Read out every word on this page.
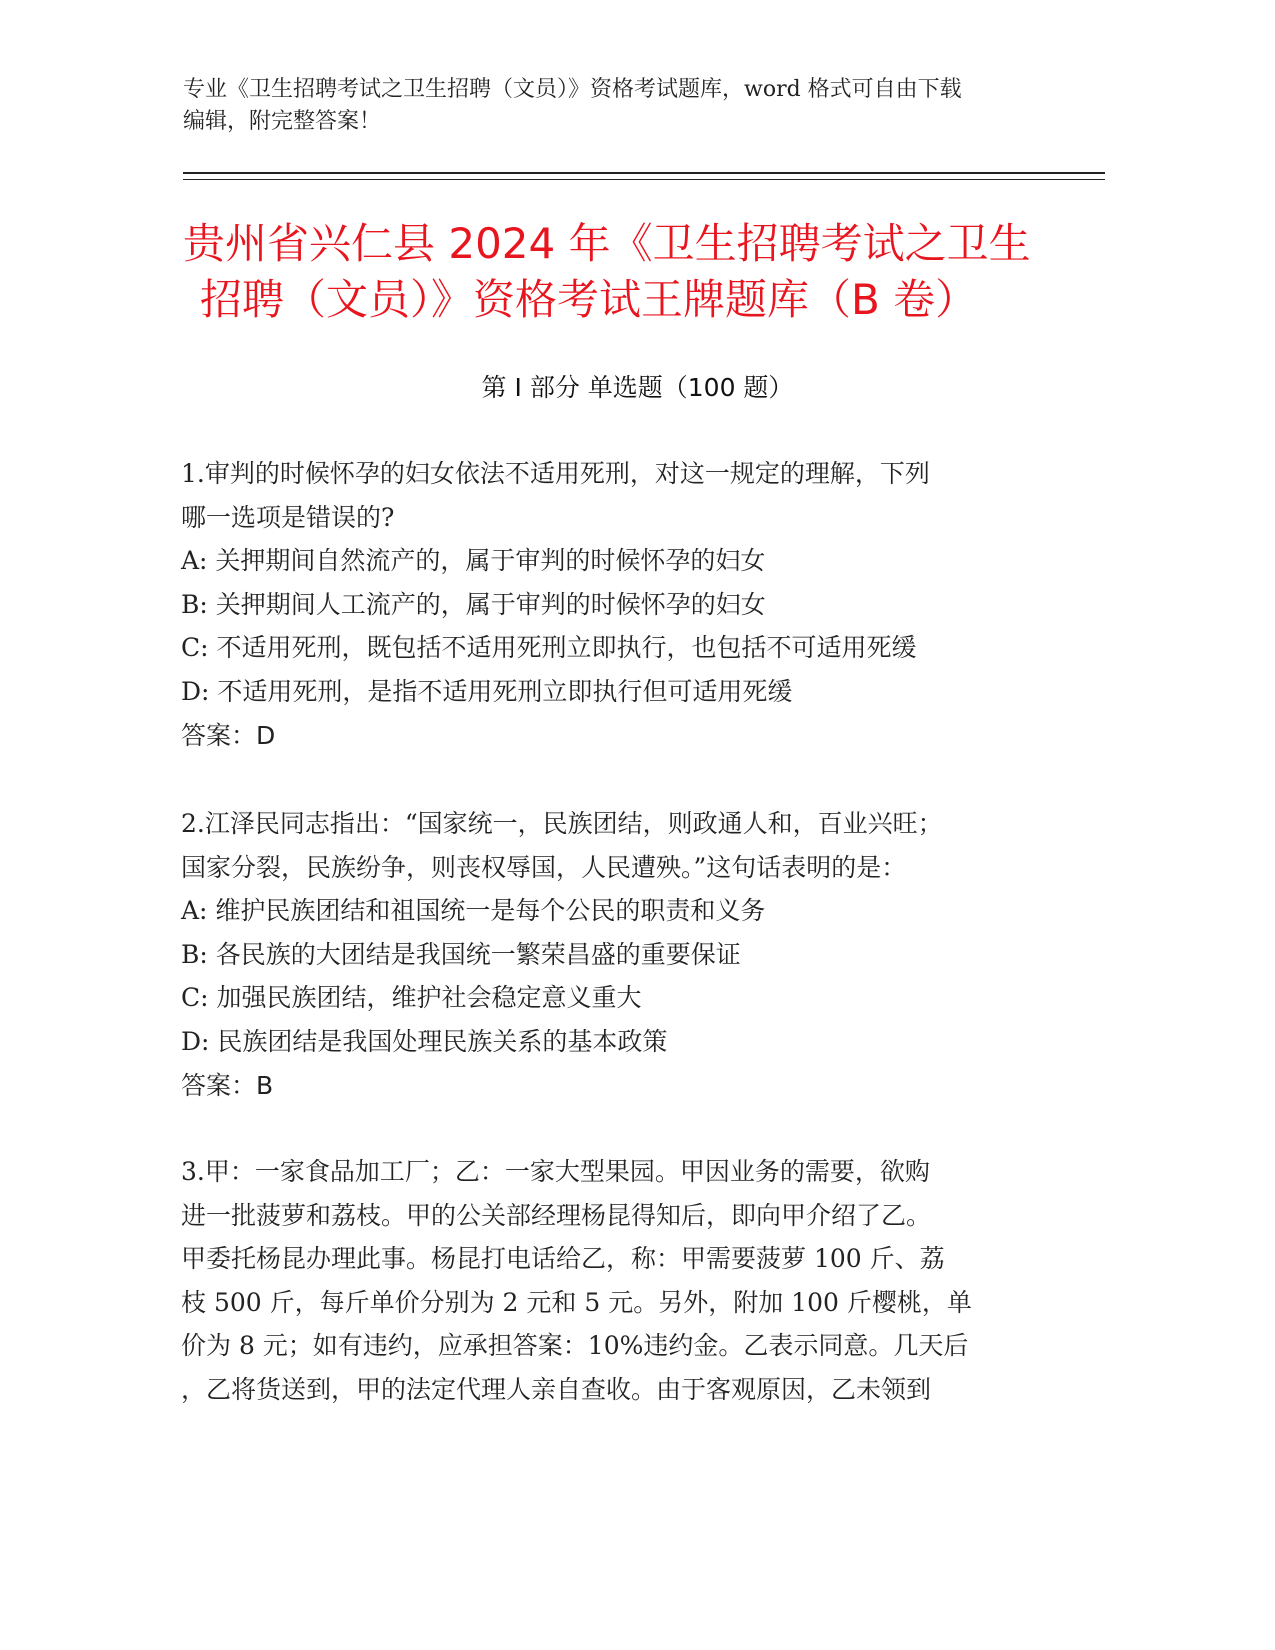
专业《卫生招聘考试之卫生招聘（文员）》资格考试题库，word 格式可自由下载
编辑，附完整答案！
贵州省兴仁县 2024 年《卫生招聘考试之卫生
招聘（文员）》资格考试王牌题库（B 卷）
第 I 部分 单选题（100 题）
1.审判的时候怀孕的妇女依法不适用死刑，对这一规定的理解，下列
哪一选项是错误的?
A: 关押期间自然流产的，属于审判的时候怀孕的妇女
B: 关押期间人工流产的，属于审判的时候怀孕的妇女
C: 不适用死刑，既包括不适用死刑立即执行，也包括不可适用死缓
D: 不适用死刑，是指不适用死刑立即执行但可适用死缓
答案：D
2.江泽民同志指出：“国家统一，民族团结，则政通人和，百业兴旺；
国家分裂，民族纷争，则丧权辱国，人民遭殃。”这句话表明的是：
A: 维护民族团结和祖国统一是每个公民的职责和义务
B: 各民族的大团结是我国统一繁荣昌盛的重要保证
C: 加强民族团结，维护社会稳定意义重大
D: 民族团结是我国处理民族关系的基本政策
答案：B
3.甲：一家食品加工厂；乙：一家大型果园。甲因业务的需要，欲购
进一批菠萝和荔枝。甲的公关部经理杨昆得知后，即向甲介绍了乙。
甲委托杨昆办理此事。杨昆打电话给乙，称：甲需要菠萝 100 斤、荔
枝 500 斤，每斤单价分别为 2 元和 5 元。另外，附加 100 斤樱桃，单
价为 8 元；如有违约，应承担答案：10%违约金。乙表示同意。几天后
，乙将货送到，甲的法定代理人亲自查收。由于客观原因，乙未领到
